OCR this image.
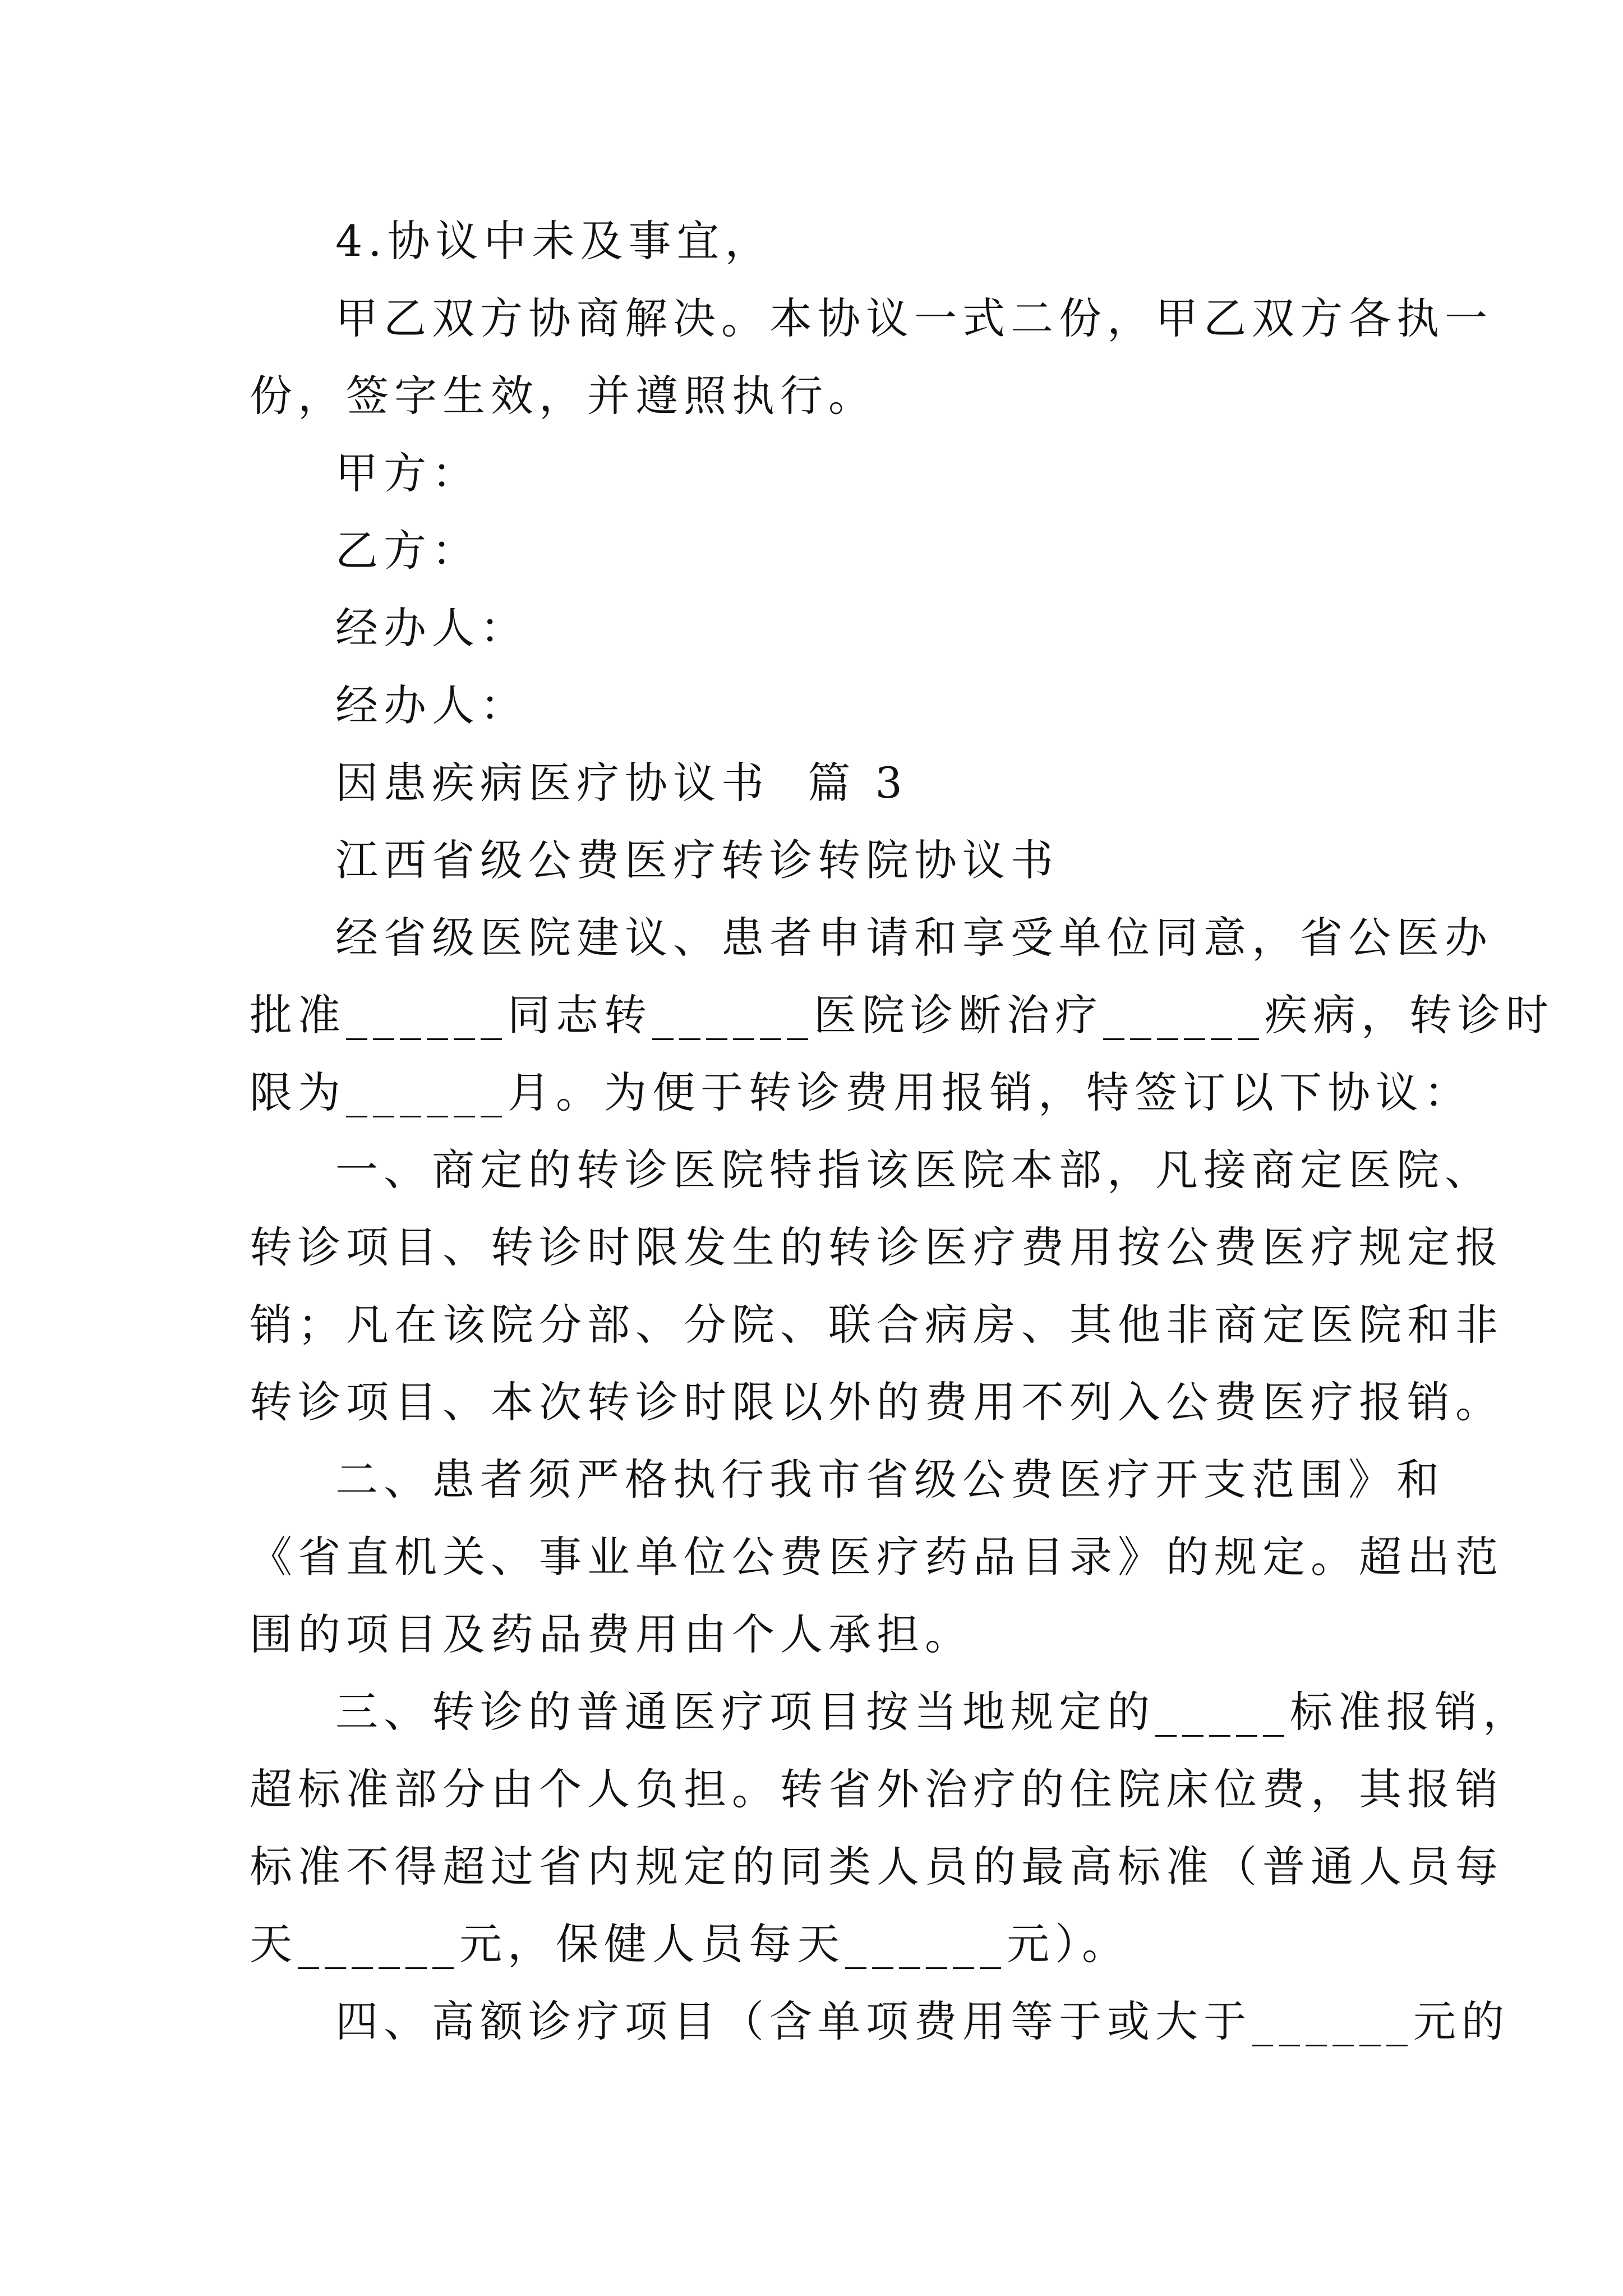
4.协议中未及事宜，
甲乙双方协商解决。本协议一式二份，甲乙双方各执一
份，签字生效，并遵照执行。
甲方：
乙方：
经办人：
经办人：
因患疾病医疗协议书  篇 3
江西省级公费医疗转诊转院协议书
经省级医院建议、患者申请和享受单位同意，省公医办
批准______同志转______医院诊断治疗______疾病，转诊时
限为______月。为便于转诊费用报销，特签订以下协议：
一、商定的转诊医院特指该医院本部，凡接商定医院、
转诊项目、转诊时限发生的转诊医疗费用按公费医疗规定报
销；凡在该院分部、分院、联合病房、其他非商定医院和非
转诊项目、本次转诊时限以外的费用不列入公费医疗报销。
二、患者须严格执行我市省级公费医疗开支范围》和
《省直机关、事业单位公费医疗药品目录》的规定。超出范
围的项目及药品费用由个人承担。
三、转诊的普通医疗项目按当地规定的_____标准报销，
超标准部分由个人负担。转省外治疗的住院床位费，其报销
标准不得超过省内规定的同类人员的最高标准（普通人员每
天______元，保健人员每天______元）。
四、高额诊疗项目（含单项费用等于或大于______元的
